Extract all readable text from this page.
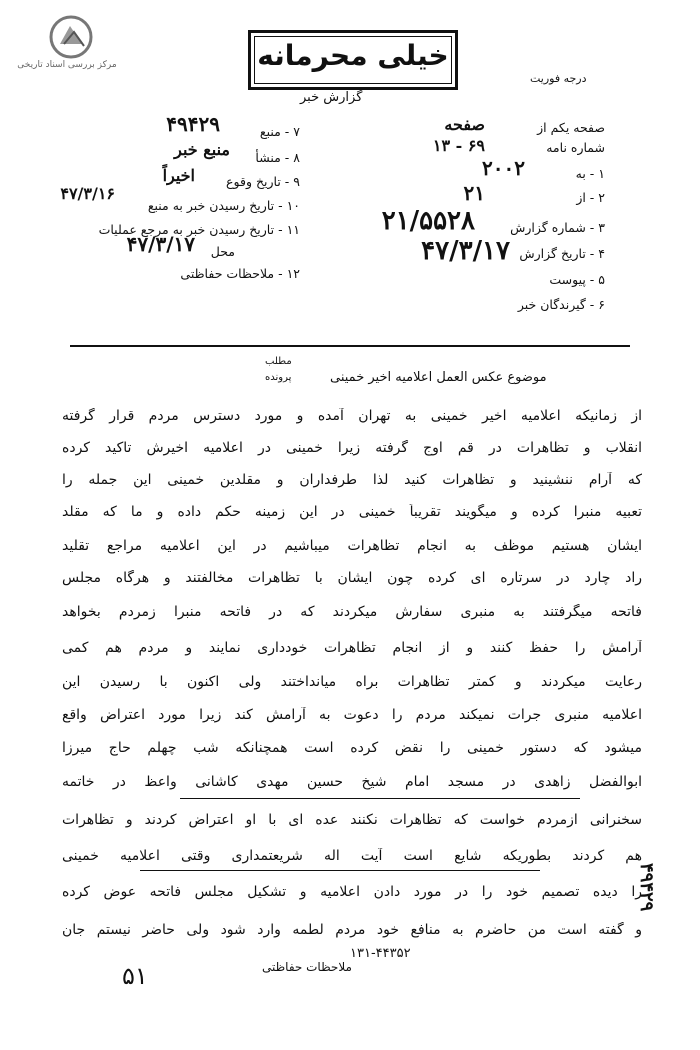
مرکز بررسی اسناد تاریخی	خیلی محرمانه
گزارش خبر
درجه فوریت
صفحه یکم از
صفحه
شماره نامه
۱۳ - ۶۹
۱ - به
۲۰۰۲
۲ - از
۲۱
۳ - شماره گزارش
۲۱/۵۵۲۸
۴ - تاریخ گزارش
۴۷/۳/۱۷
۵ - پیوست
۶ - گیرندگان خبر
۷ - منبع
۴۹۴۲۹
۸ - منشأ
منبع خبر
۹ - تاریخ وقوع
اخیراً
۱۰ - تاریخ رسیدن خبر به منبع
۴۷/۳/۱۶
۱۱ - تاریخ رسیدن خبر به مرجع عملیات
محل
۴۷/۳/۱۷
۱۲ - ملاحظات حفاظتی
موضوع عکس العمل اعلامیه اخیر خمینی
مطلب
پرونده
از زمانیکه اعلامیه اخیر خمینی به تهران آمده و مورد دسترس مردم قرار گرفته
انقلاب و تظاهرات در قم اوج گرفته زیرا خمینی در اعلامیه اخیرش تاکید کرده
که آرام ننشینید و تظاهرات کنید لذا طرفداران و مقلدین خمینی این جمله را
تعبیه منبرا کرده و میگویند تقریباً خمینی در این زمینه حکم داده و ما که مقلد
ایشان هستیم موظف به انجام تظاهرات میباشیم در این اعلامیه مراجع تقلید
راد چارد در سرتاره ای کرده چون ایشان با تظاهرات مخالفتند و هرگاه مجلس
فاتحه میگرفتند به منبری سفارش میکردند که در فاتحه منبرا زمردم بخواهد
آرامش را حفظ کنند و از انجام تظاهرات خودداری نمایند و مردم هم کمی
رعایت میکردند و کمتر تظاهرات براه میانداختند ولی اکنون با رسیدن این
اعلامیه منبری جرات نمیکند مردم را دعوت به آرامش کند زیرا مورد اعتراض واقع
میشود که دستور خمینی را نقض کرده است همچنانکه شب چهلم حاج میرزا
ابوالفضل زاهدی در مسجد امام شیخ حسین مهدی کاشانی واعظ در خاتمه
سخنرانی ازمردم خواست که تظاهرات نکنند عده ای با او اعتراض کردند و تظاهرات
هم کردند بطوریکه شایع است آیت اله شریعتمداری وقتی اعلامیه خمینی
را دیده تصمیم خود را در مورد دادن اعلامیه و تشکیل مجلس فاتحه عوض کرده
و گفته است من حاضرم به منافع خود مردم لطمه وارد شود ولی حاضر نیستم جان
۴۹۴۲۹
ملاحظات حفاظتی
۱۳۱-۴۴۳۵۲
۵۱
